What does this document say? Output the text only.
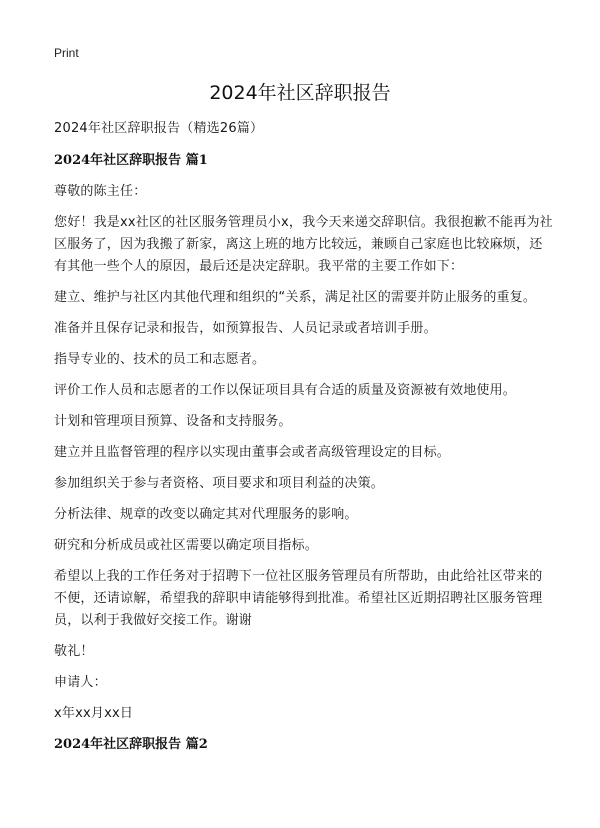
Print
2024年社区辞职报告

2024年社区辞职报告（精选26篇）

2024年社区辞职报告 篇1

尊敬的陈主任：

您好！我是xx社区的社区服务管理员小x，我今天来递交辞职信。我很抱歉不能再为社区服务了，因为我搬了新家，离这上班的地方比较远，兼顾自己家庭也比较麻烦，还有其他一些个人的原因，最后还是决定辞职。我平常的主要工作如下：

建立、维护与社区内其他代理和组织的“关系，满足社区的需要并防止服务的重复。

准备并且保存记录和报告，如预算报告、人员记录或者培训手册。

指导专业的、技术的员工和志愿者。

评价工作人员和志愿者的工作以保证项目具有合适的质量及资源被有效地使用。

计划和管理项目预算、设备和支持服务。

建立并且监督管理的程序以实现由董事会或者高级管理设定的目标。

参加组织关于参与者资格、项目要求和项目利益的决策。

分析法律、规章的改变以确定其对代理服务的影响。

研究和分析成员或社区需要以确定项目指标。

希望以上我的工作任务对于招聘下一位社区服务管理员有所帮助，由此给社区带来的不便，还请谅解，希望我的辞职申请能够得到批准。希望社区近期招聘社区服务管理员，以利于我做好交接工作。谢谢

敬礼！

申请人：

x年xx月xx日

2024年社区辞职报告 篇2
